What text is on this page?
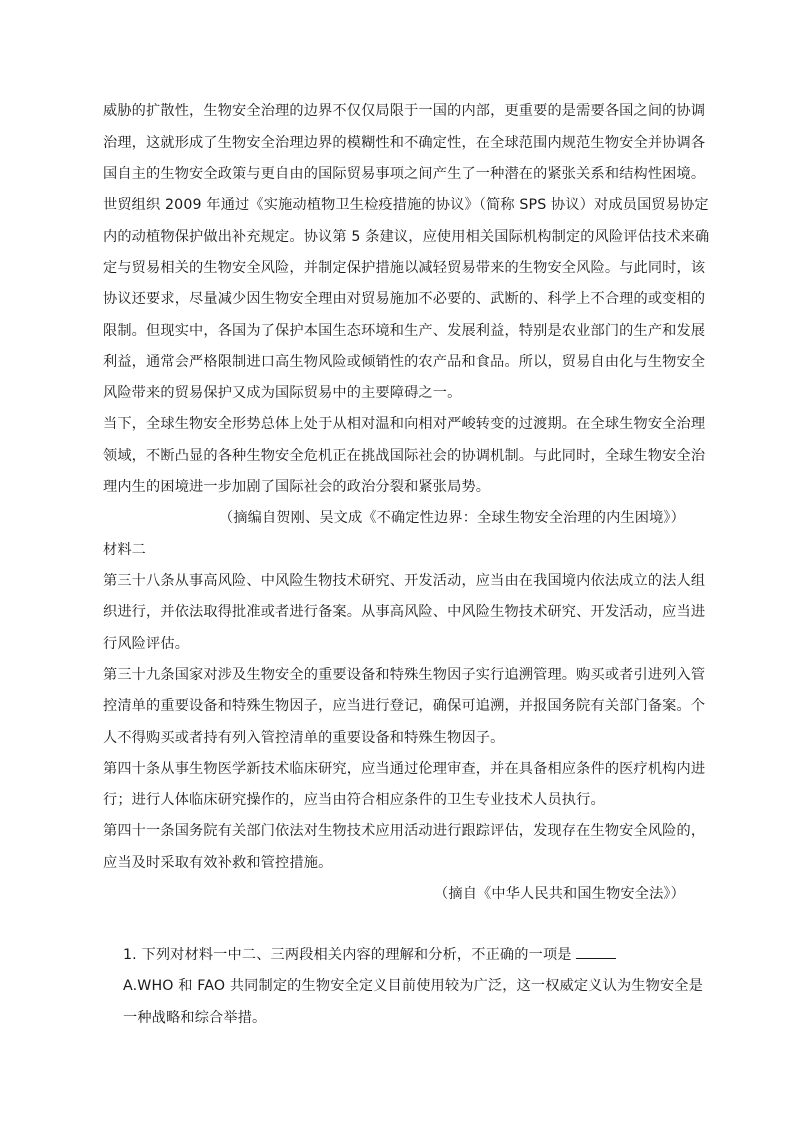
威胁的扩散性，生物安全治理的边界不仅仅局限于一国的内部，更重要的是需要各国之间的协调
治理，这就形成了生物安全治理边界的模糊性和不确定性，在全球范围内规范生物安全并协调各
国自主的生物安全政策与更自由的国际贸易事项之间产生了一种潜在的紧张关系和结构性困境。
世贸组织 2009 年通过《实施动植物卫生检疫措施的协议》（简称 SPS 协议）对成员国贸易协定
内的动植物保护做出补充规定。协议第 5 条建议，应使用相关国际机构制定的风险评估技术来确
定与贸易相关的生物安全风险，并制定保护措施以减轻贸易带来的生物安全风险。与此同时，该
协议还要求，尽量减少因生物安全理由对贸易施加不必要的、武断的、科学上不合理的或变相的
限制。但现实中，各国为了保护本国生态环境和生产、发展利益，特别是农业部门的生产和发展
利益，通常会严格限制进口高生物风险或倾销性的农产品和食品。所以，贸易自由化与生物安全
风险带来的贸易保护又成为国际贸易中的主要障碍之一。
当下，全球生物安全形势总体上处于从相对温和向相对严峻转变的过渡期。在全球生物安全治理
领域，不断凸显的各种生物安全危机正在挑战国际社会的协调机制。与此同时，全球生物安全治
理内生的困境进一步加剧了国际社会的政治分裂和紧张局势。
（摘编自贺刚、吴文成《不确定性边界：全球生物安全治理的内生困境》）
材料二
第三十八条从事高风险、中风险生物技术研究、开发活动，应当由在我国境内依法成立的法人组
织进行，并依法取得批准或者进行备案。从事高风险、中风险生物技术研究、开发活动，应当进
行风险评估。
第三十九条国家对涉及生物安全的重要设备和特殊生物因子实行追溯管理。购买或者引进列入管
控清单的重要设备和特殊生物因子，应当进行登记，确保可追溯，并报国务院有关部门备案。个
人不得购买或者持有列入管控清单的重要设备和特殊生物因子。
第四十条从事生物医学新技术临床研究，应当通过伦理审查，并在具备相应条件的医疗机构内进
行；进行人体临床研究操作的，应当由符合相应条件的卫生专业技术人员执行。
第四十一条国务院有关部门依法对生物技术应用活动进行跟踪评估，发现存在生物安全风险的，
应当及时采取有效补救和管控措施。
（摘自《中华人民共和国生物安全法》）
1. 下列对材料一中二、三两段相关内容的理解和分析，不正确的一项是
A.WHO 和 FAO 共同制定的生物安全定义目前使用较为广泛，这一权威定义认为生物安全是
一种战略和综合举措。
